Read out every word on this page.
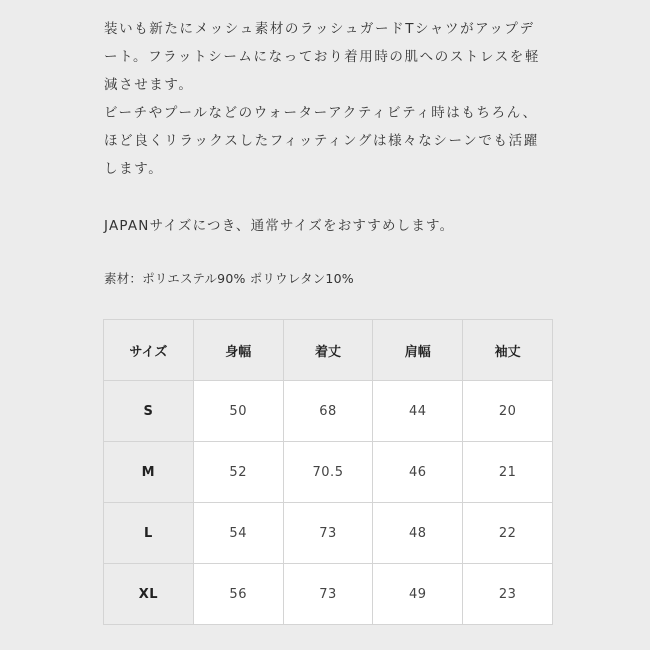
装いも新たにメッシュ素材のラッシュガードTシャツがアップデ
ート。フラットシームになっており着用時の肌へのストレスを軽
減させます。
ビーチやプールなどのウォーターアクティビティ時はもちろん、
ほど良くリラックスしたフィッティングは様々なシーンでも活躍
します。
JAPANサイズにつき、通常サイズをおすすめします。
素材：ポリエステル90% ポリウレタン10%
サイズ	身幅	着丈	肩幅	袖丈
S	50	68	44	20
M	52	70.5	46	21
L	54	73	48	22
XL	56	73	49	23
